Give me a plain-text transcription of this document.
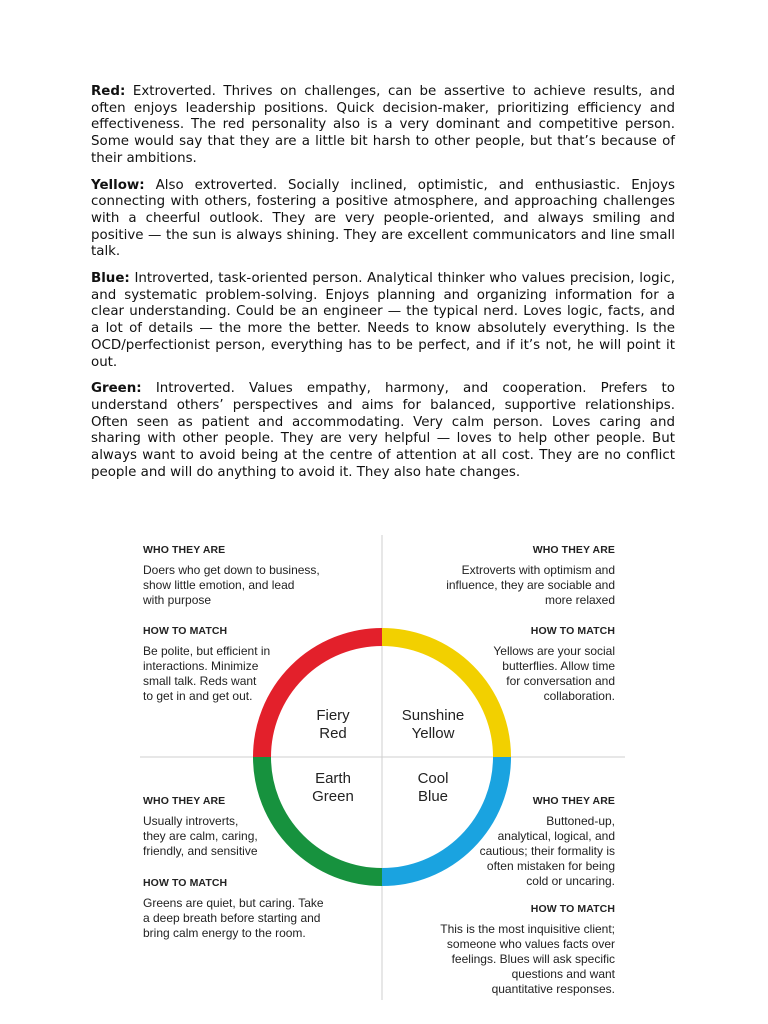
Red: Extroverted. Thrives on challenges, can be assertive to achieve results, and often enjoys leadership positions. Quick decision-maker, prioritizing efficiency and effectiveness. The red personality also is a very dominant and competitive person. Some would say that they are a little bit harsh to other people, but that’s because of their ambitions.

Yellow: Also extroverted. Socially inclined, optimistic, and enthusiastic. Enjoys connecting with others, fostering a positive atmosphere, and approaching challenges with a cheerful outlook. They are very people-oriented, and always smiling and positive — the sun is always shining. They are excellent communicators and line small talk.

Blue: Introverted, task-oriented person. Analytical thinker who values precision, logic, and systematic problem-solving. Enjoys planning and organizing information for a clear understanding. Could be an engineer — the typical nerd. Loves logic, facts, and a lot of details — the more the better. Needs to know absolutely everything. Is the OCD/perfectionist person, everything has to be perfect, and if it’s not, he will point it out.

Green: Introverted. Values empathy, harmony, and cooperation. Prefers to understand others’ perspectives and aims for balanced, supportive relationships. Often seen as patient and accommodating. Very calm person. Loves caring and sharing with other people. They are very helpful — loves to help other people. But always want to avoid being at the centre of attention at all cost. They are no conflict people and will do anything to avoid it. They also hate changes.

WHO THEY ARE
Doers who get down to business,
show little emotion, and lead
with purpose
HOW TO MATCH
Be polite, but efficient in
interactions. Minimize
small talk. Reds want
to get in and get out.
WHO THEY ARE
Extroverts with optimism and
influence, they are sociable and
more relaxed
HOW TO MATCH
Yellows are your social
butterflies. Allow time
for conversation and
collaboration.
WHO THEY ARE
Usually introverts,
they are calm, caring,
friendly, and sensitive
HOW TO MATCH
Greens are quiet, but caring. Take
a deep breath before starting and
bring calm energy to the room.
WHO THEY ARE
Buttoned-up,
analytical, logical, and
cautious; their formality is
often mistaken for being
cold or uncaring.
HOW TO MATCH
This is the most inquisitive client;
someone who values facts over
feelings. Blues will ask specific
questions and want
quantitative responses.
Fiery
Red
Sunshine
Yellow
Earth
Green
Cool
Blue
